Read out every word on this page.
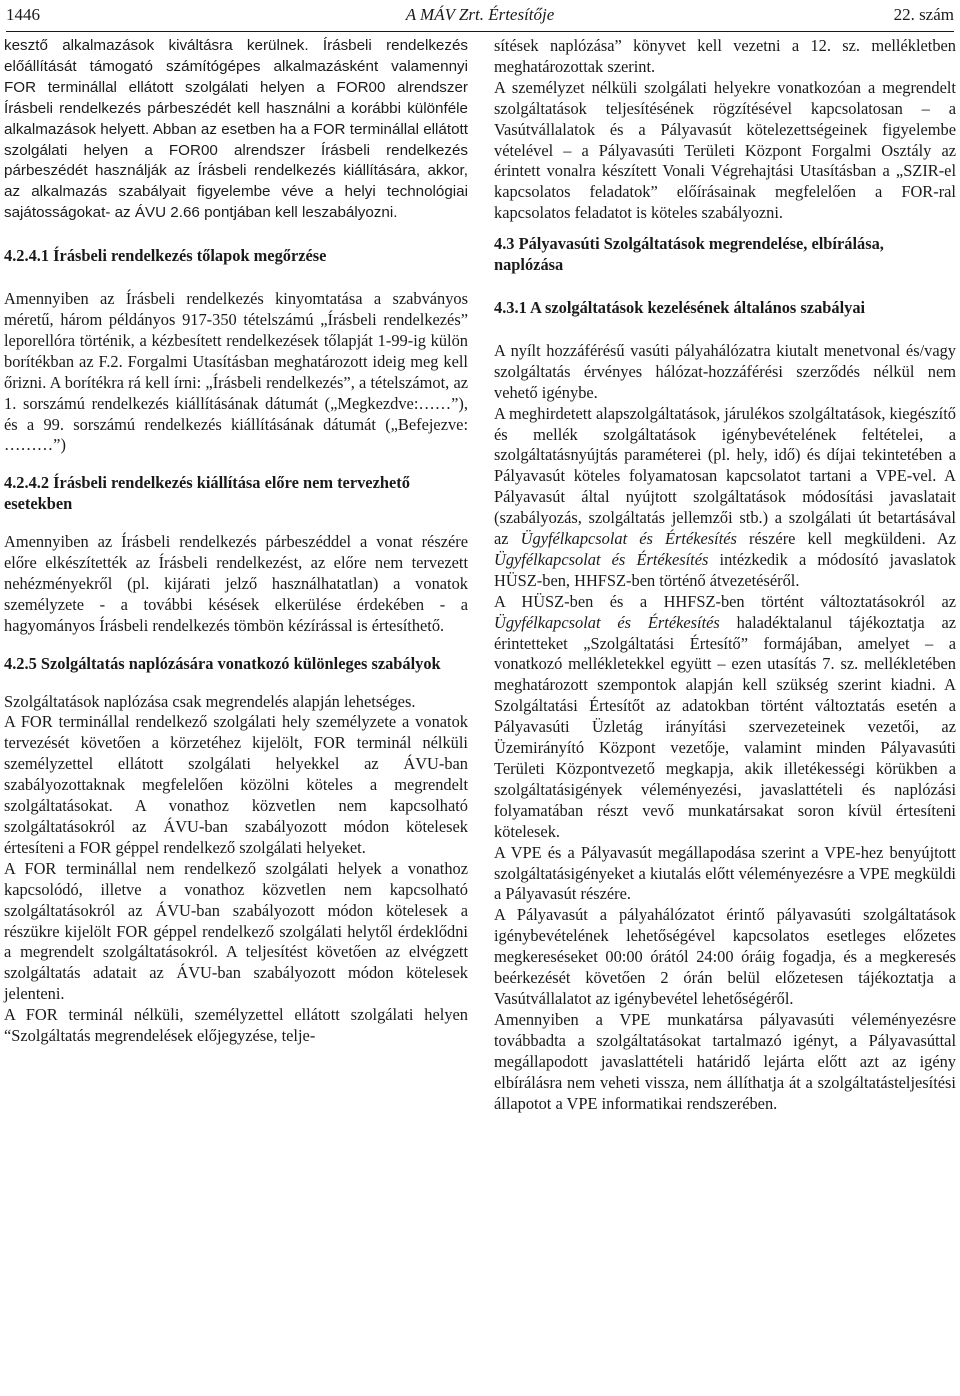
1446	A MÁV Zrt. Értesítője	22. szám

kesztő alkalmazások kiváltásra kerülnek. Írásbeli rendelkezés előállítását támogató számítógépes alkalmazásként valamennyi FOR terminállal ellátott szolgálati helyen a FOR00 alrendszer Írásbeli rendelkezés párbeszédét kell használni a korábbi különféle alkalmazások helyett. Abban az esetben ha a FOR terminállal ellátott szolgálati helyen a FOR00 alrendszer Írásbeli rendelkezés párbeszédét használják az Írásbeli rendelkezés kiállítására, akkor, az alkalmazás szabályait figyelembe véve a helyi technológiai sajátosságokat- az ÁVU 2.66 pontjában kell leszabályozni.

4.2.4.1 Írásbeli rendelkezés tőlapok megőrzése

Amennyiben az Írásbeli rendelkezés kinyomtatása a szabványos méretű, három példányos 917-350 tételszámú „Írásbeli rendelkezés” leporellóra történik, a kézbesített rendelkezések tőlapját 1-99-ig külön borítékban az F.2. Forgalmi Utasításban meghatározott ideig meg kell őrizni. A borítékra rá kell írni: „Írásbeli rendelkezés”, a tételszámot, az 1. sorszámú rendelkezés kiállításának dátumát („Megkezdve:……”), és a 99. sorszámú rendelkezés kiállításának dátumát („Befejezve: ………”)

4.2.4.2 Írásbeli rendelkezés kiállítása előre nem tervezhető esetekben

Amennyiben az Írásbeli rendelkezés párbeszéddel a vonat részére előre elkészítették az Írásbeli rendelkezést, az előre nem tervezett nehézményekről (pl. kijárati jelző használhatatlan) a vonatok személyzete - a további késések elkerülése érdekében - a hagyományos Írásbeli rendelkezés tömbön kézírással is értesíthető.

4.2.5 Szolgáltatás naplózására vonatkozó különleges szabályok

Szolgáltatások naplózása csak megrendelés alapján lehetséges.

A FOR terminállal rendelkező szolgálati hely személyzete a vonatok tervezését követően a körzetéhez kijelölt, FOR terminál nélküli személyzettel ellátott szolgálati helyekkel az ÁVU-ban szabályozottaknak megfelelően közölni köteles a megrendelt szolgáltatásokat. A vonathoz közvetlen nem kapcsolható szolgáltatásokról az ÁVU-ban szabályozott módon kötelesek értesíteni a FOR géppel rendelkező szolgálati helyeket.

A FOR terminállal nem rendelkező szolgálati helyek a vonathoz kapcsolódó, illetve a vonathoz közvetlen nem kapcsolható szolgáltatásokról az ÁVU-ban szabályozott módon kötelesek a részükre kijelölt FOR géppel rendelkező szolgálati helytől érdeklődni a megrendelt szolgáltatásokról. A teljesítést követően az elvégzett szolgáltatás adatait az ÁVU-ban szabályozott módon kötelesek jelenteni.

A FOR terminál nélküli, személyzettel ellátott szolgálati helyen “Szolgáltatás megrendelések előjegyzése, telje-

sítések naplózása” könyvet kell vezetni a 12. sz. mellékletben meghatározottak szerint.

A személyzet nélküli szolgálati helyekre vonatkozóan a megrendelt szolgáltatások teljesítésének rögzítésével kapcsolatosan – a Vasútvállalatok és a Pályavasút kötelezettségeinek figyelembe vételével – a Pályavasúti Területi Központ Forgalmi Osztály az érintett vonalra készített Vonali Végrehajtási Utasításban a „SZIR-el kapcsolatos feladatok” előírásainak megfelelően a FOR-ral kapcsolatos feladatot is köteles szabályozni.

4.3 Pályavasúti Szolgáltatások megrendelése, elbírálása, naplózása
4.3.1 A szolgáltatások kezelésének általános szabályai

A nyílt hozzáférésű vasúti pályahálózatra kiutalt menetvonal és/vagy szolgáltatás érvényes hálózat-hozzáférési szerződés nélkül nem vehető igénybe.

A meghirdetett alapszolgáltatások, járulékos szolgáltatások, kiegészítő és mellék szolgáltatások igénybevételének feltételei, a szolgáltatásnyújtás paraméterei (pl. hely, idő) és díjai tekintetében a Pályavasút köteles folyamatosan kapcsolatot tartani a VPE-vel. A Pályavasút által nyújtott szolgáltatások módosítási javaslatait (szabályozás, szolgáltatás jellemzői stb.) a szolgálati út betartásával az Ügyfélkapcsolat és Értékesítés részére kell megküldeni. Az Ügyfélkapcsolat és Értékesítés intézkedik a módosító javaslatok HÜSZ-ben, HHFSZ-ben történő átvezetéséről.

A HÜSZ-ben és a HHFSZ-ben történt változtatásokról az Ügyfélkapcsolat és Értékesítés haladéktalanul tájékoztatja az érintetteket „Szolgáltatási Értesítő” formájában, amelyet – a vonatkozó mellékletekkel együtt – ezen utasítás 7. sz. mellékletében meghatározott szempontok alapján kell szükség szerint kiadni. A Szolgáltatási Értesítőt az adatokban történt változtatás esetén a Pályavasúti Üzletág irányítási szervezeteinek vezetői, az Üzemirányító Központ vezetője, valamint minden Pályavasúti Területi Központvezető megkapja, akik illetékességi körükben a szolgáltatásigények véleményezési, javaslattételi és naplózási folyamatában részt vevő munkatársakat soron kívül értesíteni kötelesek.

A VPE és a Pályavasút megállapodása szerint a VPE-hez benyújtott szolgáltatásigényeket a kiutalás előtt véleményezésre a VPE megküldi a Pályavasút részére.

A Pályavasút a pályahálózatot érintő pályavasúti szolgáltatások igénybevételének lehetőségével kapcsolatos esetleges előzetes megkereséseket 00:00 órától 24:00 óráig fogadja, és a megkeresés beérkezését követően 2 órán belül előzetesen tájékoztatja a Vasútvállalatot az igénybevétel lehetőségéről.

Amennyiben a VPE munkatársa pályavasúti véleményezésre továbbadta a szolgáltatásokat tartalmazó igényt, a Pályavasúttal megállapodott javaslattételi határidő lejárta előtt azt az igény elbírálásra nem veheti vissza, nem állíthatja át a szolgáltatásteljesítési állapotot a VPE informatikai rendszerében.
